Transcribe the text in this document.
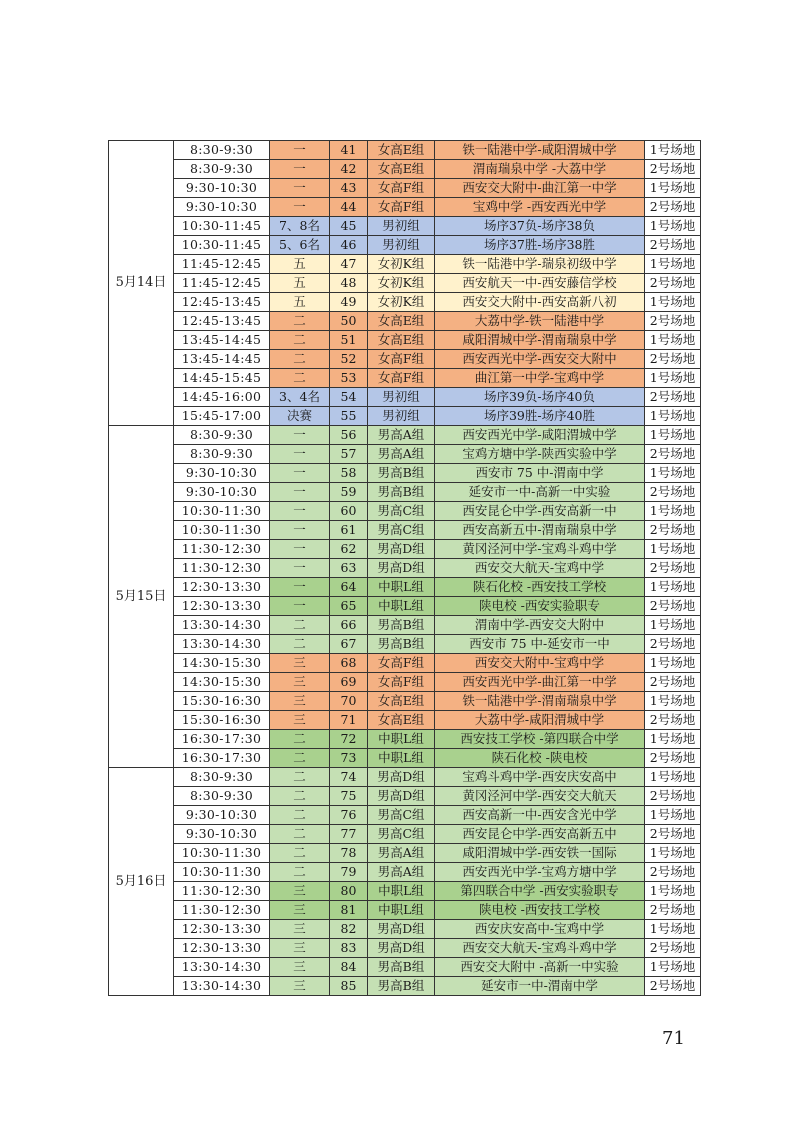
5月14日	8:30-9:30	一	41	女高E组	铁一陆港中学-咸阳渭城中学	1号场地
	8:30-9:30	一	42	女高E组	渭南瑞泉中学 -大荔中学	2号场地
	9:30-10:30	一	43	女高F组	西安交大附中-曲江第一中学	1号场地
	9:30-10:30	一	44	女高F组	宝鸡中学 -西安西光中学	2号场地
	10:30-11:45	7、8名	45	男初组	场序37负-场序38负	1号场地
	10:30-11:45	5、6名	46	男初组	场序37胜-场序38胜	2号场地
	11:45-12:45	五	47	女初K组	铁一陆港中学-瑞泉初级中学	1号场地
	11:45-12:45	五	48	女初K组	西安航天一中-西安藤信学校	2号场地
	12:45-13:45	五	49	女初K组	西安交大附中-西安高新八初	1号场地
	12:45-13:45	二	50	女高E组	大荔中学-铁一陆港中学	2号场地
	13:45-14:45	二	51	女高E组	咸阳渭城中学-渭南瑞泉中学	1号场地
	13:45-14:45	二	52	女高F组	西安西光中学-西安交大附中	2号场地
	14:45-15:45	二	53	女高F组	曲江第一中学-宝鸡中学	1号场地
	14:45-16:00	3、4名	54	男初组	场序39负-场序40负	2号场地
	15:45-17:00	决赛	55	男初组	场序39胜-场序40胜	1号场地
5月15日	8:30-9:30	一	56	男高A组	西安西光中学-咸阳渭城中学	1号场地
	8:30-9:30	一	57	男高A组	宝鸡方塘中学-陕西实验中学	2号场地
	9:30-10:30	一	58	男高B组	西安市 75 中-渭南中学	1号场地
	9:30-10:30	一	59	男高B组	延安市一中-高新一中实验	2号场地
	10:30-11:30	一	60	男高C组	西安昆仑中学-西安高新一中	1号场地
	10:30-11:30	一	61	男高C组	西安高新五中-渭南瑞泉中学	2号场地
	11:30-12:30	一	62	男高D组	黄冈泾河中学-宝鸡斗鸡中学	1号场地
	11:30-12:30	一	63	男高D组	西安交大航天-宝鸡中学	2号场地
	12:30-13:30	一	64	中职L组	陕石化校 -西安技工学校	1号场地
	12:30-13:30	一	65	中职L组	陕电校 -西安实验职专	2号场地
	13:30-14:30	二	66	男高B组	渭南中学-西安交大附中	1号场地
	13:30-14:30	二	67	男高B组	西安市 75 中-延安市一中	2号场地
	14:30-15:30	三	68	女高F组	西安交大附中-宝鸡中学	1号场地
	14:30-15:30	三	69	女高F组	西安西光中学-曲江第一中学	2号场地
	15:30-16:30	三	70	女高E组	铁一陆港中学-渭南瑞泉中学	1号场地
	15:30-16:30	三	71	女高E组	大荔中学-咸阳渭城中学	2号场地
	16:30-17:30	二	72	中职L组	西安技工学校 -第四联合中学	1号场地
	16:30-17:30	二	73	中职L组	陕石化校 -陕电校	2号场地
5月16日	8:30-9:30	二	74	男高D组	宝鸡斗鸡中学-西安庆安高中	1号场地
	8:30-9:30	二	75	男高D组	黄冈泾河中学-西安交大航天	2号场地
	9:30-10:30	二	76	男高C组	西安高新一中-西安含光中学	1号场地
	9:30-10:30	二	77	男高C组	西安昆仑中学-西安高新五中	2号场地
	10:30-11:30	二	78	男高A组	咸阳渭城中学-西安铁一国际	1号场地
	10:30-11:30	二	79	男高A组	西安西光中学-宝鸡方塘中学	2号场地
	11:30-12:30	三	80	中职L组	第四联合中学 -西安实验职专	1号场地
	11:30-12:30	三	81	中职L组	陕电校 -西安技工学校	2号场地
	12:30-13:30	三	82	男高D组	西安庆安高中-宝鸡中学	1号场地
	12:30-13:30	三	83	男高D组	西安交大航天-宝鸡斗鸡中学	2号场地
	13:30-14:30	三	84	男高B组	西安交大附中 -高新一中实验	1号场地
	13:30-14:30	三	85	男高B组	延安市一中-渭南中学	2号场地
71
